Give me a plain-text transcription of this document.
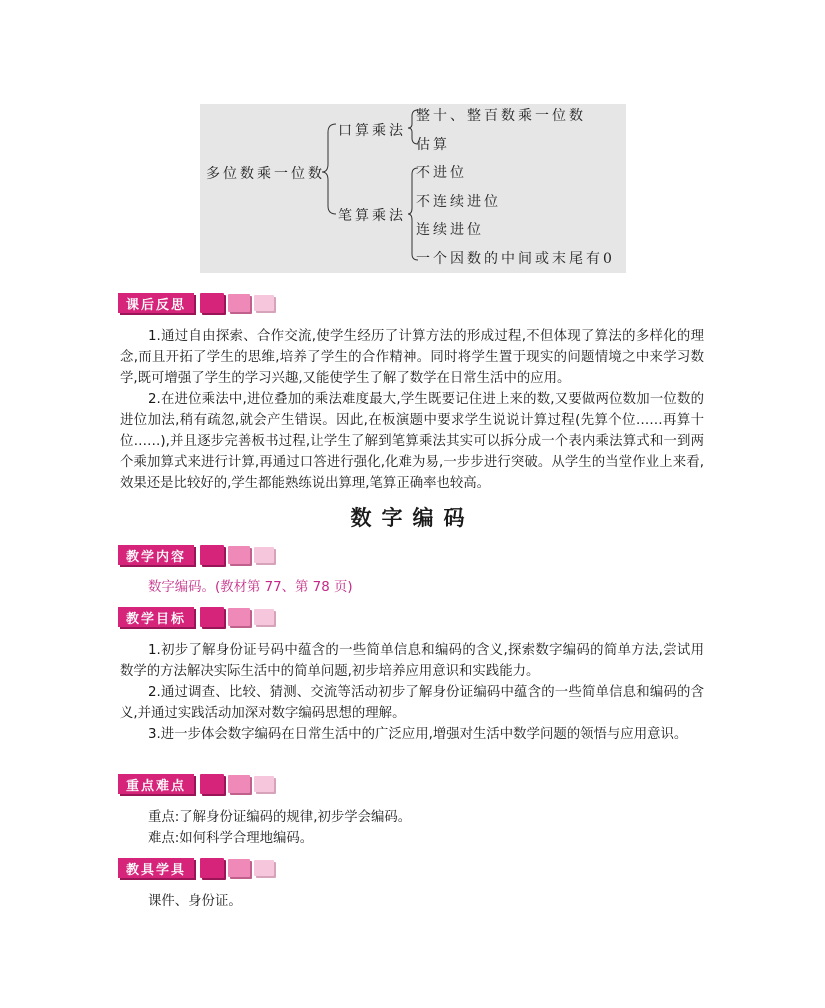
多位数乘一位数
口算乘法
笔算乘法
整十、整百数乘一位数
估算
不进位
不连续进位
连续进位
一个因数的中间或末尾有0
课后反思

1.通过自由探索、合作交流,使学生经历了计算方法的形成过程,不但体现了算法的多样化的理念,而且开拓了学生的思维,培养了学生的合作精神。同时将学生置于现实的问题情境之中来学习数学,既可增强了学生的学习兴趣,又能使学生了解了数学在日常生活中的应用。

2.在进位乘法中,进位叠加的乘法难度最大,学生既要记住进上来的数,又要做两位数加一位数的进位加法,稍有疏忽,就会产生错误。因此,在板演题中要求学生说说计算过程(先算个位……再算十位……),并且逐步完善板书过程,让学生了解到笔算乘法其实可以拆分成一个表内乘法算式和一到两个乘加算式来进行计算,再通过口答进行强化,化难为易,一步步进行突破。从学生的当堂作业上来看,效果还是比较好的,学生都能熟练说出算理,笔算正确率也较高。

数字编码
教学内容

数字编码。(教材第 77、第 78 页)

教学目标

1.初步了解身份证号码中蕴含的一些简单信息和编码的含义,探索数字编码的简单方法,尝试用数学的方法解决实际生活中的简单问题,初步培养应用意识和实践能力。

2.通过调查、比较、猜测、交流等活动初步了解身份证编码中蕴含的一些简单信息和编码的含义,并通过实践活动加深对数字编码思想的理解。

3.进一步体会数字编码在日常生活中的广泛应用,增强对生活中数学问题的领悟与应用意识。

重点难点

重点:了解身份证编码的规律,初步学会编码。

难点:如何科学合理地编码。

教具学具

课件、身份证。
